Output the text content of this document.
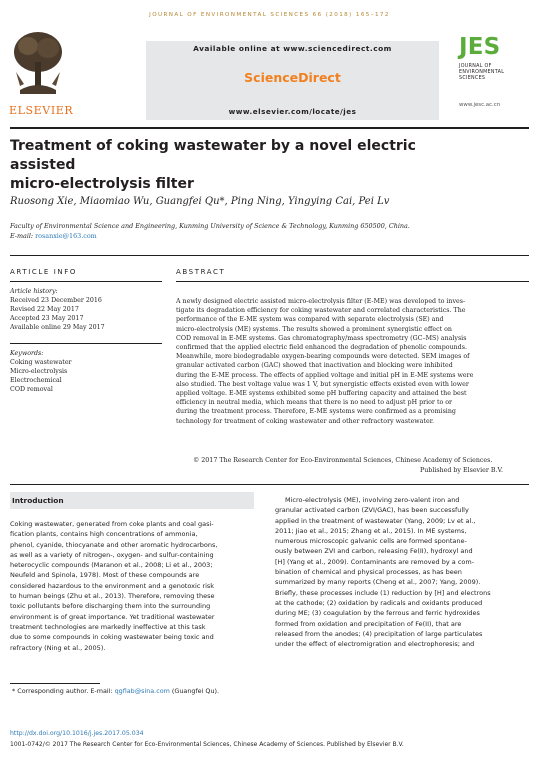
JOURNAL OF ENVIRONMENTAL SCIENCES 66 (2018) 165–172
ELSEVIER
Available online at www.sciencedirect.com
ScienceDirect
www.elsevier.com/locate/jes
JES
JOURNAL OF
ENVIRONMENTAL
SCIENCES
www.jesc.ac.cn
Treatment of coking wastewater by a novel electric assisted
micro-electrolysis filter
Ruosong Xie, Miaomiao Wu, Guangfei Qu*, Ping Ning, Yingying Cai, Pei Lv
Faculty of Environmental Science and Engineering, Kunming University of Science & Technology, Kunming 650500, China.
E-mail: rosanxie@163.com
ARTICLE INFO
Article history:
Received 23 December 2016
Revised 22 May 2017
Accepted 23 May 2017
Available online 29 May 2017
Keywords:
Coking wastewater
Micro-electrolysis
Electrochemical
COD removal
ABSTRACT
A newly designed electric assisted micro-electrolysis filter (E-ME) was developed to inves-
tigate its degradation efficiency for coking wastewater and correlated characteristics. The
performance of the E-ME system was compared with separate electrolysis (SE) and
micro-electrolysis (ME) systems. The results showed a prominent synergistic effect on
COD removal in E-ME systems. Gas chromatography/mass spectrometry (GC–MS) analysis
confirmed that the applied electric field enhanced the degradation of phenolic compounds.
Meanwhile, more biodegradable oxygen-bearing compounds were detected. SEM images of
granular activated carbon (GAC) showed that inactivation and blocking were inhibited
during the E-ME process. The effects of applied voltage and initial pH in E-ME systems were
also studied. The best voltage value was 1 V, but synergistic effects existed even with lower
applied voltage. E-ME systems exhibited some pH buffering capacity and attained the best
efficiency in neutral media, which means that there is no need to adjust pH prior to or
during the treatment process. Therefore, E-ME systems were confirmed as a promising
technology for treatment of coking wastewater and other refractory wastewater.
© 2017 The Research Center for Eco-Environmental Sciences, Chinese Academy of Sciences.
Published by Elsevier B.V.
Introduction
Coking wastewater, generated from coke plants and coal gasi-
fication plants, contains high concentrations of ammonia,
phenol, cyanide, thiocyanate and other aromatic hydrocarbons,
as well as a variety of nitrogen-, oxygen- and sulfur-containing
heterocyclic compounds (Maranon et al., 2008; Li et al., 2003;
Neufeld and Spinola, 1978). Most of these compounds are
considered hazardous to the environment and a genotoxic risk
to human beings (Zhu et al., 2013). Therefore, removing these
toxic pollutants before discharging them into the surrounding
environment is of great importance. Yet traditional wastewater
treatment technologies are markedly ineffective at this task
due to some compounds in coking wastewater being toxic and
refractory (Ning et al., 2005).
Micro-electrolysis (ME), involving zero-valent iron and
granular activated carbon (ZVI/GAC), has been successfully
applied in the treatment of wastewater (Yang, 2009; Lv et al.,
2011; Jiao et al., 2015; Zhang et al., 2015). In ME systems,
numerous microscopic galvanic cells are formed spontane-
ously between ZVI and carbon, releasing Fe(II), hydroxyl and
[H] (Yang et al., 2009). Contaminants are removed by a com-
bination of chemical and physical processes, as has been
summarized by many reports (Cheng et al., 2007; Yang, 2009).
Briefly, these processes include (1) reduction by [H] and electrons
at the cathode; (2) oxidation by radicals and oxidants produced
during ME; (3) coagulation by the ferrous and ferric hydroxides
formed from oxidation and precipitation of Fe(II), that are
released from the anodes; (4) precipitation of large particulates
under the effect of electromigration and electrophoresis; and
* Corresponding author. E-mail: qgflab@sina.com (Guangfei Qu).
http://dx.doi.org/10.1016/j.jes.2017.05.034
1001-0742/© 2017 The Research Center for Eco-Environmental Sciences, Chinese Academy of Sciences. Published by Elsevier B.V.
